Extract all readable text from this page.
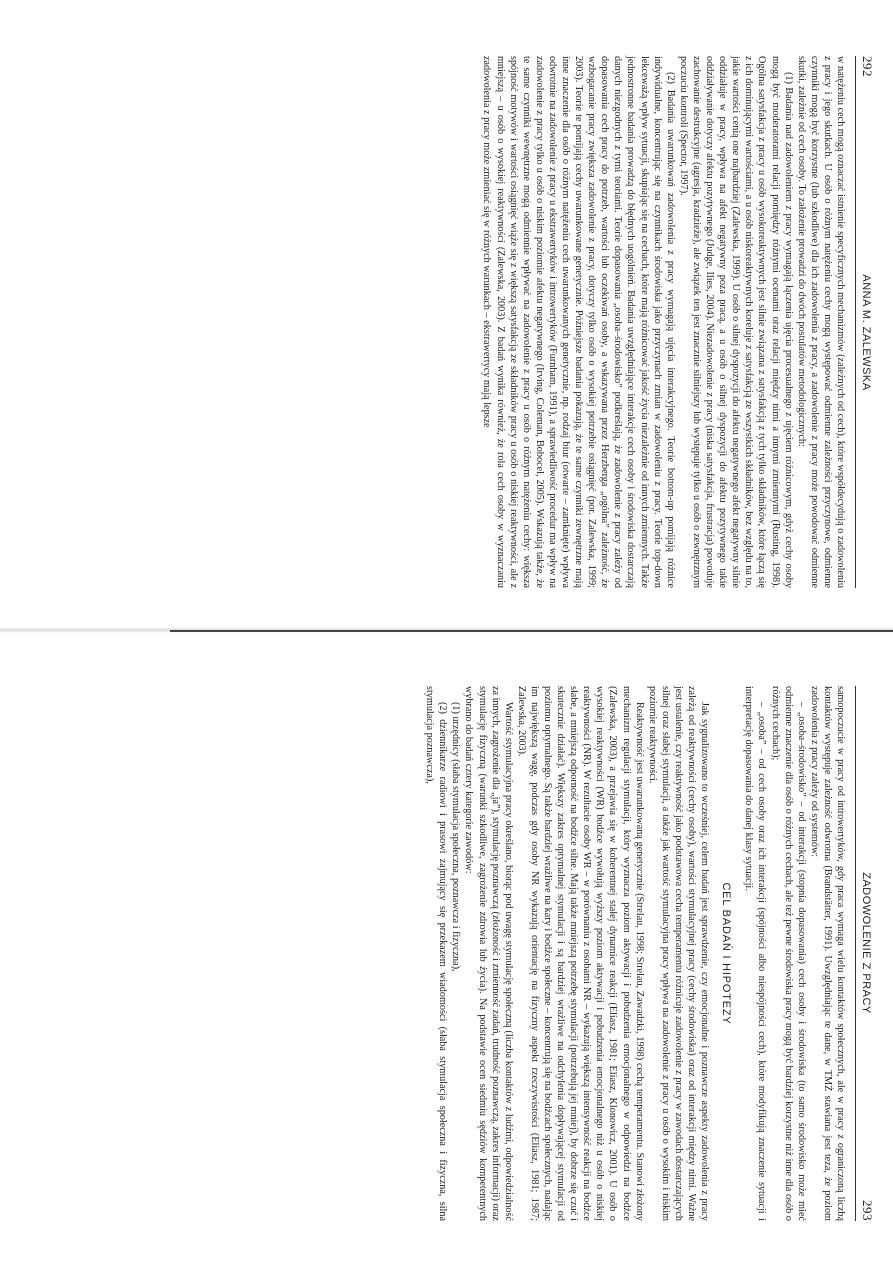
292
ANNA M. ZALEWSKA

w natężeniu cech mogą oznaczać istnienie specyficznych mechanizmów (zależnych od cech), które współdecydują o zadowoleniu z pracy i jego skutkach. U osób o różnym natężeniu cechy mogą występować odmienne zależności przyczynowe, odmienne czynniki mogą być korzystne (lub szkodliwe) dla ich zadowolenia z pracy, a zadowolenie z pracy może powodować odmienne skutki, zależnie od cech osoby. To założenie prowadzi do dwóch postulatów metodologicznych:

(1) Badania nad zadowoleniem z pracy wymagają łączenia ujęcia procesualnego z ujęciem różnicowym, gdyż cechy osoby mogą być moderatorami relacji pomiędzy różnymi ocenami oraz relacji między nimi a innymi zmiennymi (Rusting, 1998). Ogólna satysfakcja z pracy u osób wysokoreaktywnych jest silnie związana z satysfakcją z tych tylko składników, które łączą się z ich dominującymi wartościami, a u osób niskoreaktywnych koreluje z satysfakcją ze wszystkich składników, bez względu na to, jakie wartości cenią one najbardziej (Zalewska, 1999). U osób o silnej dyspozycji do afektu negatywnego afekt negatywny silnie oddziałuje w pracy, wpływa na afekt negatywny poza pracą, a u osób o silnej dyspozycji do afektu pozytywnego takie oddziaływanie dotyczy afektu pozytywnego (Judge, Ilies, 2004). Niezadowolenie z pracy (niska satysfakcja, frustracja) powoduje zachowanie destrukcyjne (agresja, kradzieże), ale związek ten jest znacznie silniejszy lub występuje tylko u osób o zewnętrznym poczuciu kontroli (Spector, 1997).

(2) Badania uwarunkowań zadowolenia z pracy wymagają ujęcia interakcyjnego. Teorie bottom-up pomijają różnice indywidualne, koncentrując się na czynnikach środowiska jako przyczynach zmian w zadowoleniu z pracy. Teorie top-down lekceważą wpływ sytuacji, skupiając się na cechach, które mają różnicować jakość życia niezależnie od innych zmiennych. Także jednostronne badania prowadzą do błędnych uogólnień. Badania uwzględniające interakcje cech osoby i środowiska dostarczają danych niezgodnych z tymi teoriami. Teorie dopasowania „osoba–środowisko” podkreślają, że zadowolenie z pracy zależy od dopasowania cech pracy do potrzeb, wartości lub oczekiwań osoby, a wskazywana przez Herzberga „ogólna” zależność, że wzbogacanie pracy zwiększa zadowolenie z pracy, dotyczy tylko osób o wysokiej potrzebie osiągnięć (por. Zalewska, 1999; 2003). Teorie te pomijają cechy uwarunkowane genetycznie. Późniejsze badania pokazują, że te same czynniki zewnętrzne mają inne znaczenie dla osób o różnym natężeniu cech uwarunkowanych genetycznie, np. rodzaj biur (otwarte – zamknięte) wpływa odwrotnie na zadowolenie z pracy u ekstrawertyków i introwertyków (Furnham, 1991), a sprawiedliwość procedur ma wpływ na zadowolenie z pracy tylko u osób o niskim poziomie afektu negatywnego (Irving, Coleman, Bobocel, 2005). Wskazują także, że te same czynniki wewnętrzne mogą odmiennie wpływać na zadowolenie z pracy u osób o różnym natężeniu cechy: większa spójność motywów i wartości osiągnięć wiąże się z większą satysfakcją ze składników pracy u osób o niskiej reaktywności, ale z mniejszą – u osób o wysokiej reaktywności (Zalewska, 2003). Z badań wynika również, że rola cech osoby w wyznaczaniu zadowolenia z pracy może zmieniać się w różnych warunkach – ekstrawertycy mają lepsze

ZADOWOLENIE Z PRACY
293

samopoczucie w pracy od introwertyków, gdy praca wymaga wielu kontaktów społecznych, ale w pracy z ograniczoną liczbą kontaktów występuje zależność odwrotna (Brandstätter, 1991). Uwzględniając te dane, w TMŻ stawiana jest teza, że poziom zadowolenia z pracy zależy od systemów:

– „osoba–środowisko” – od interakcji (stopnia dopasowania) cech osoby i środowiska (to samo środowisko może mieć odmienne znaczenie dla osób o różnych cechach, ale też pewne środowiska pracy mogą być bardziej korzystne niż inne dla osób o różnych cechach);

– „osoba” – od cech osoby oraz ich interakcji (spójności albo niespójności cech), które modyfikują znaczenie sytuacji i interpretację dopasowania do danej klasy sytuacji.

CEL BADAŃ I HIPOTEZY

Jak sygnalizowano to wcześniej, celem badań jest sprawdzenie, czy emocjonalne i poznawcze aspekty zadowolenia z pracy zależą od reaktywności (cechy osoby), wartości stymulacyjnej pracy (cechy środowiska) oraz od interakcji między nimi. Ważne jest ustalenie, czy reaktywność jako podstawowa cecha temperamentu różnicuje zadowolenie z pracy w zawodach dostarczających silnej oraz słabej stymulacji, a także jak wartość stymulacyjna pracy wpływa na zadowolenie z pracy u osób o wysokim i niskim poziomie reaktywności.

Reaktywność jest uwarunkowaną genetycznie (Strelau, 1998; Strelau, Zawadzki, 1998) cechą temperamentu. Stanowi złożony mechanizm regulacji stymulacji, który wyznacza poziom aktywacji i pobudzenia emocjonalnego w odpowiedzi na bodźce (Zalewska, 2003), a przejawia się w koherentnej stałej dynamice reakcji (Eliasz, 1981; Eliasz, Klonowicz, 2001). U osób o wysokiej reaktywności (WR) bodźce wywołują wyższy poziom aktywacji i pobudzenia emocjonalnego niż u osób o niskiej reaktywności (NR). W rezultacie osoby WR – w porównaniu z osobami NR – wykazują większą intensywność reakcji na bodźce słabe, a mniejszą odporność na bodźce silne. Mają także mniejszą potrzebę stymulacji (potrzebują jej mniej), by dobrze się czuć i skutecznie działać). Większy zakres optymalnej stymulacji i są bardziej wrażliwe na odchylenia dopływającej stymulacji od poziomu optymalnego. Są także bardziej wrażliwe na kary i bodźce społeczne – koncentrują się na bodźcach społecznych, nadając im największą wagę, podczas gdy osoby NR wykazują orientację na fizyczny aspekt rzeczywistości (Eliasz, 1981; 1987; Zalewska, 2003).

Wartość stymulacyjna pracy określano, biorąc pod uwagę stymulację społeczną (liczba kontaktów z ludźmi, odpowiedzialność za innych, zagrożenie dla „ja”), stymulację poznawczą (złożoność i zmienność zadań, trudność poznawczą, zakres informacji) oraz stymulację fizyczną (warunki szkodliwe, zagrożenie zdrowia lub życia). Na podstawie ocen siedmiu sędziów kompetentnych wybrano do badań cztery kategorie zawodów:

(1) urzędnicy (słaba stymulacja społeczna, poznawcza i fizyczna),

(2) dziennikarze radiowi i prasowi zajmujący się przekazem wiadomości (słaba stymulacja społeczna i fizyczna, silna stymulacja poznawcza),
